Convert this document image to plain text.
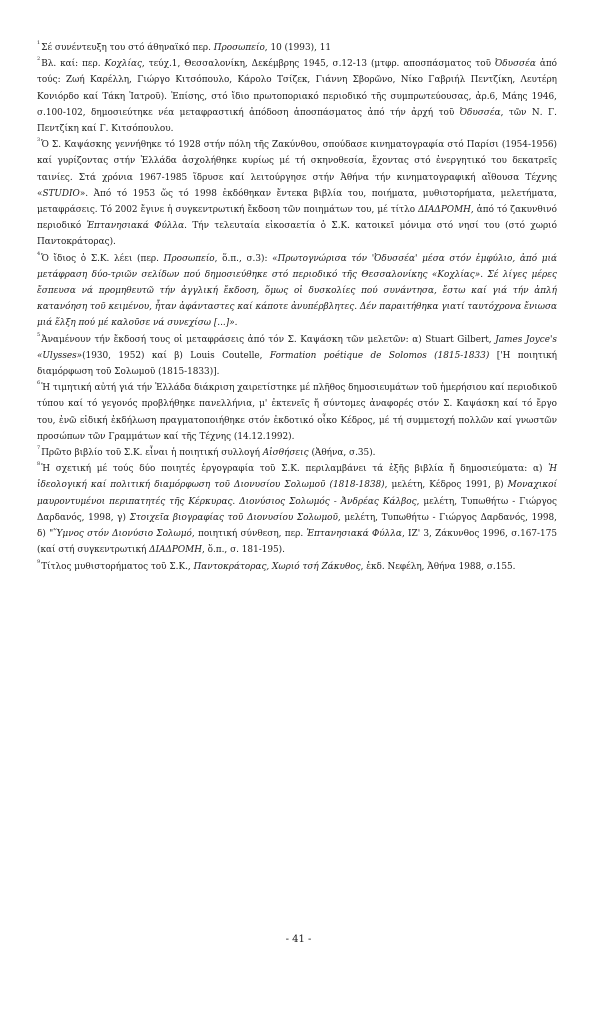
$^1$Σέ συνέντευξη του στό άθηναϊκό περ. Προσωπείο, 10 (1993), 11

$^2$Βλ. καί: περ. Κοχλίας, τεύχ.1, Θεσσαλονίκη, Δεκέμβρης 1945, σ.12-13 (μτφρ. αποσπάσματος τοῦ Ὀδυσσέα ἀπό τούς: Ζωή Καρέλλη, Γιώργο Κιτσόπουλο, Κάρολο Τσίζεκ, Γιάννη Σβορῶνο, Νίκο Γαβριήλ Πεντζίκη, Λευτέρη Κονιόρδο καί Τάκη Ἰατροῦ). Ἐπίσης, στό ἴδιο πρωτοποριακό περιοδικό τῆς συμπρωτεύουσας, ἀρ.6, Μάης 1946, σ.100-102, δημοσιεύτηκε νέα μεταφραστική ἀπόδοση ἀποσπάσματος ἀπό τήν ἀρχή τοῦ Ὀδυσσέα, τῶν Ν. Γ. Πεντζίκη καί Γ. Κιτσόπουλου.

$^3$Ὁ Σ. Καψάσκης γεννήθηκε τό 1928 στήν πόλη τῆς Ζακύνθου, σπούδασε κινηματογραφία στό Παρίσι (1954-1956) καί γυρίζοντας στήν Ἑλλάδα ἀσχολήθηκε κυρίως μέ τή σκηνοθεσία, ἔχοντας στό ἐνεργητικό του δεκατρεῖς ταινίες. Στά χρόνια 1967-1985 ἵδρυσε καί λειτούργησε στήν Ἀθήνα τήν κινηματογραφική αἴθουσα Τέχνης «STUDIO». Ἀπό τό 1953 ὥς τό 1998 ἐκδόθηκαν ἔντεκα βιβλία του, ποιήματα, μυθιστορήματα, μελετήματα, μεταφράσεις. Τό 2002 ἔγινε ἡ συγκεντρωτική ἔκδοση τῶν ποιημάτων του, μέ τίτλο ΔΙΑΔΡΟΜΗ, ἀπό τό ζακυνθινό περιοδικό Ἑπτανησιακά Φύλλα. Τήν τελευταία εἰκοσαετία ὁ Σ.Κ. κατοικεῖ μόνιμα στό νησί του (στό χωριό Παντοκράτορας).

$^4$Ὁ ἴδιος ὁ Σ.Κ. λέει (περ. Προσωπείο, ὅ.π., σ.3): «Πρωτογνώρισα τόν 'Ὀδυσσέα' μέσα στόν ἐμφύλιο, ἀπό μιά μετάφραση δύο-τριῶν σελίδων πού δημοσιεύθηκε στό περιοδικό τῆς Θεσσαλονίκης «Κοχλίας». Σέ λίγες μέρες ἔσπευσα νά προμηθευτῶ τήν ἀγγλική ἔκδοση, ὅμως οἱ δυσκολίες πού συνάντησα, ἔστω καί γιά τήν ἁπλή κατανόηση τοῦ κειμένου, ἦταν ἀφάνταστες καί κάποτε ἀνυπέρβλητες. Δέν παραιτήθηκα γιατί ταυτόχρονα ἔνιωσα μιά ἕλξη πού μέ καλοῦσε νά συνεχίσω [...]».

$^5$Ἀναμένουν τήν ἔκδοσή τους οἱ μεταφράσεις ἀπό τόν Σ. Καψάσκη τῶν μελετῶν: α) Stuart Gilbert, James Joyce's «Ulysses»(1930, 1952) καί β) Louis Coutelle, Formation poétique de Solomos (1815-1833) ['Η ποιητική διαμόρφωση τοῦ Σολωμοῦ (1815-1833)].

$^6$Ἡ τιμητική αὐτή γιά τήν Ἑλλάδα διάκριση χαιρετίστηκε μέ πλῆθος δημοσιευμάτων τοῦ ἡμερήσιου καί περιοδικοῦ τύπου καί τό γεγονός προβλήθηκε πανελλήνια, μ' ἐκτενεῖς ἤ σύντομες ἀναφορές στόν Σ. Καψάσκη καί τό ἔργο του, ἐνῶ εἰδική ἐκδήλωση πραγματοποιήθηκε στόν ἐκδοτικό οἶκο Κέδρος, μέ τή συμμετοχή πολλῶν καί γνωστῶν προσώπων τῶν Γραμμάτων καί τῆς Τέχνης (14.12.1992).

$^7$Πρῶτο βιβλίο τοῦ Σ.Κ. εἶναι ἡ ποιητική συλλογή Αἰσθήσεις (Ἀθήνα, σ.35).

$^8$Ἡ σχετική μέ τούς δύο ποιητές ἐργογραφία τοῦ Σ.Κ. περιλαμβάνει τά ἑξῆς βιβλία ἤ δημοσιεύματα: α) Ἡ ἰδεολογική καί πολιτική διαμόρφωση τοῦ Διονυσίου Σολωμοῦ (1818-1838), μελέτη, Κέδρος 1991, β) Μοναχικοί μαυροντυμένοι περιπατητές τῆς Κέρκυρας. Διονύσιος Σολωμός - Ἀνδρέας Κάλβος, μελέτη, Τυπωθήτω - Γιώργος Δαρδανός, 1998, γ) Στοιχεῖα βιογραφίας τοῦ Διονυσίου Σολωμοῦ, μελέτη, Τυπωθήτω - Γιώργος Δαρδανός, 1998, δ) "Ὕμνος στόν Διονύσιο Σολωμό, ποιητική σύνθεση, περ. Ἑπτανησιακά Φύλλα, ΙΖ' 3, Ζάκυνθος 1996, σ.167-175 (καί στή συγκεντρωτική ΔΙΑΔΡΟΜΗ, ὅ.π., σ. 181-195).

$^9$Τίτλος μυθιστορήματος τοῦ Σ.Κ., Παντοκράτορας, Χωριό τσή Ζάκυθος, ἐκδ. Νεφέλη, Ἀθήνα 1988, σ.155.

- 41 -
